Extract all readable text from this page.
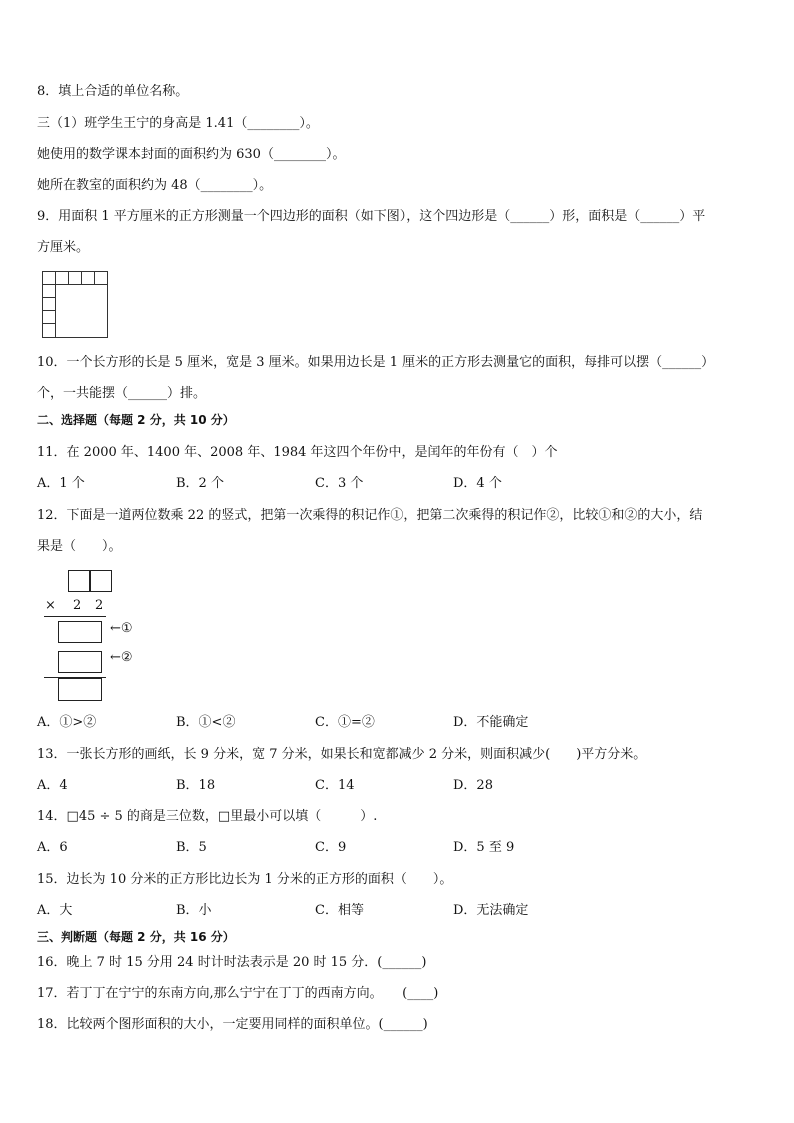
8．填上合适的单位名称。
三（1）班学生王宁的身高是 1.41（________）。
她使用的数学课本封面的面积约为 630（________）。
她所在教室的面积约为 48（________）。
9．用面积 1 平方厘米的正方形测量一个四边形的面积（如下图），这个四边形是（______）形，面积是（______）平
方厘米。
10．一个长方形的长是 5 厘米，宽是 3 厘米。如果用边长是 1 厘米的正方形去测量它的面积，每排可以摆（______）
个，一共能摆（______）排。
二、选择题（每题 2 分，共 10 分）
11．在 2000 年、1400 年、2008 年、1984 年这四个年份中，是闰年的年份有（　）个
A．1 个	B．2 个	C．3 个	D．4 个
12．下面是一道两位数乘 22 的竖式，把第一次乘得的积记作①，把第二次乘得的积记作②，比较①和②的大小，结
果是（　　）。
× 2 2
←①
←②
A．①>②	B．①<②	C．①=②	D．不能确定
13．一张长方形的画纸，长 9 分米，宽 7 分米，如果长和宽都减少 2 分米，则面积减少(　　)平方分米。
A．4	B．18	C．14	D．28
14．□45 ÷ 5 的商是三位数，□里最小可以填（　　　）.
A．6	B．5	C．9	D．5 至 9
15．边长为 10 分米的正方形比边长为 1 分米的正方形的面积（　　）。
A．大	B．小	C．相等	D．无法确定
三、判断题（每题 2 分，共 16 分）
16．晚上 7 时 15 分用 24 时计时法表示是 20 时 15 分．(______)
17．若丁丁在宁宁的东南方向,那么宁宁在丁丁的西南方向。　　(____)
18．比较两个图形面积的大小，一定要用同样的面积单位。(______)
